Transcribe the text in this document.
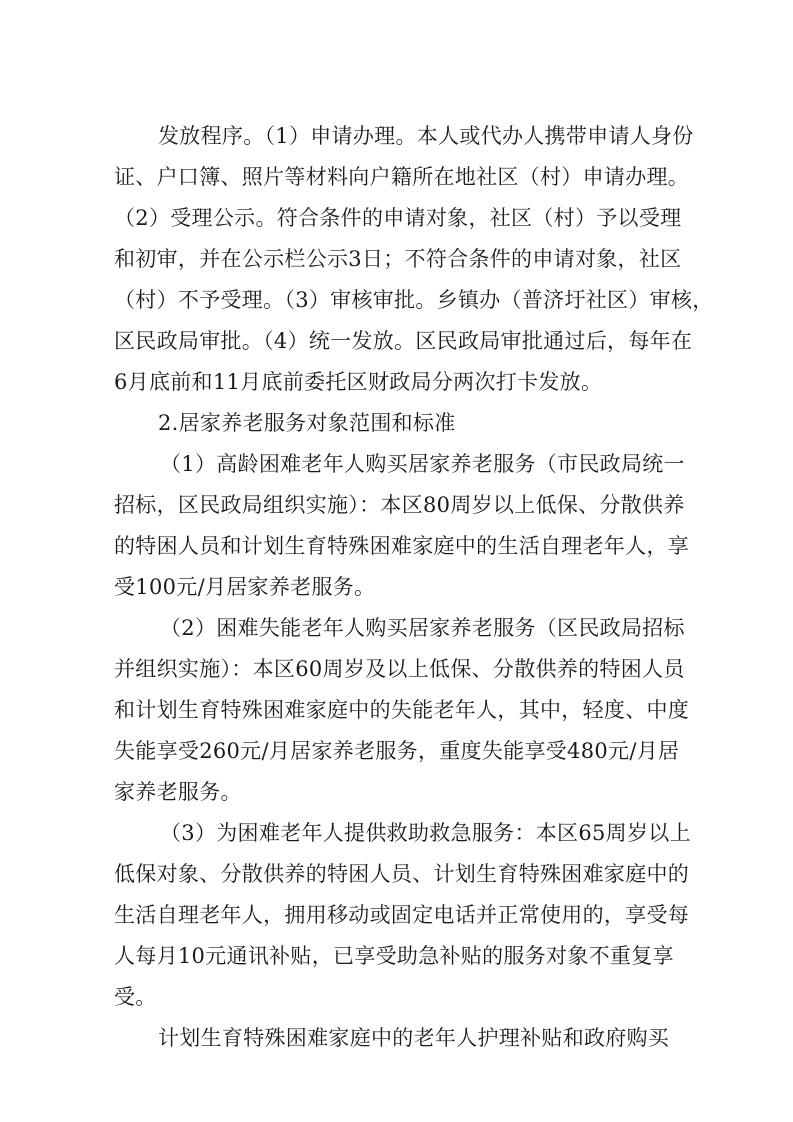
发放程序。（1）申请办理。本人或代办人携带申请人身份
证、户口簿、照片等材料向户籍所在地社区（村）申请办理。
（2）受理公示。符合条件的申请对象，社区（村）予以受理
和初审，并在公示栏公示3日；不符合条件的申请对象，社区
（村）不予受理。（3）审核审批。乡镇办（普济圩社区）审核，
区民政局审批。（4）统一发放。区民政局审批通过后，每年在
6月底前和11月底前委托区财政局分两次打卡发放。
2.居家养老服务对象范围和标准
（1）高龄困难老年人购买居家养老服务（市民政局统一
招标，区民政局组织实施）：本区80周岁以上低保、分散供养
的特困人员和计划生育特殊困难家庭中的生活自理老年人，享
受100元/月居家养老服务。
（2）困难失能老年人购买居家养老服务（区民政局招标
并组织实施）：本区60周岁及以上低保、分散供养的特困人员
和计划生育特殊困难家庭中的失能老年人，其中，轻度、中度
失能享受260元/月居家养老服务，重度失能享受480元/月居
家养老服务。
（3）为困难老年人提供救助救急服务：本区65周岁以上
低保对象、分散供养的特困人员、计划生育特殊困难家庭中的
生活自理老年人，拥用移动或固定电话并正常使用的，享受每
人每月10元通讯补贴，已享受助急补贴的服务对象不重复享
受。
计划生育特殊困难家庭中的老年人护理补贴和政府购买
